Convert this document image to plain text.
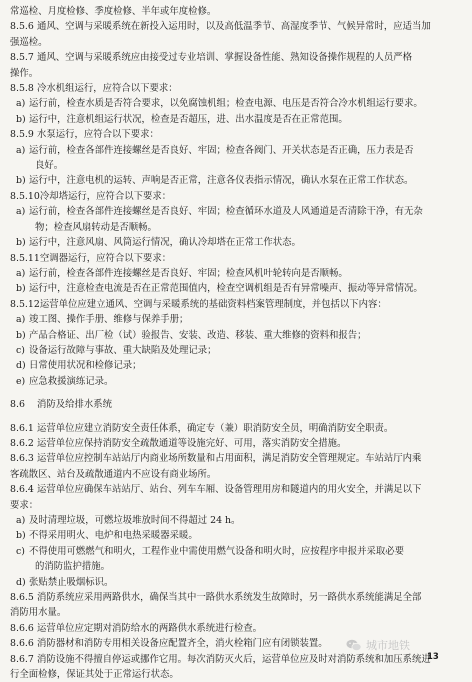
常巡检、月度检修、季度检修、半年或年度检修。
8.5.6 通风、空调与采暖系统在新投入运用时，以及高低温季节、高湿度季节、气候异常时，应适当加
强巡检。
8.5.7 通风、空调与采暖系统应由接受过专业培训、掌握设备性能、熟知设备操作规程的人员严格
操作。
8.5.8 冷水机组运行，应符合以下要求：
a) 运行前，检查水质是否符合要求，以免腐蚀机组；检查电源、电压是否符合冷水机组运行要求。
b) 运行中，注意机组运行状况，检查是否超压，进、出水温度是否在正常范围。
8.5.9 水泵运行，应符合以下要求：
a) 运行前，检查各部件连接螺丝是否良好、牢固；检查各阀门、开关状态是否正确，压力表是否
良好。
b) 运行中，注意电机的运转、声响是否正常，注意各仪表指示情况，确认水泵在正常工作状态。
8.5.10冷却塔运行，应符合以下要求：
a) 运行前，检查各部件连接螺丝是否良好、牢固；检查循环水道及人风通道是否清除干净，有无杂
物；检查风扇转动是否顺畅。
b) 运行中，注意风扇、风筒运行情况，确认冷却塔在正常工作状态。
8.5.11空调器运行，应符合以下要求：
a) 运行前，检查各部件连接螺丝是否良好、牢固；检查风机叶轮转向是否顺畅。
b) 运行中，注意检查电流是否在正常范围值内，检查空调机组是否有异常噪声、振动等异常情况。
8.5.12运营单位应建立通风、空调与采暖系统的基础资料档案管理制度，并包括以下内容：
a) 竣工图、操作手册、维修与保养手册；
b) 产品合格证、出厂检（试）验报告、安装、改造、移装、重大维修的资料和报告；
c) 设备运行故障与事故、重大缺陷及处理记录；
d) 日常使用状况和检修记录；
e) 应急救援演练记录。
8.6 消防及给排水系统
8.6.1 运营单位应建立消防安全责任体系，确定专（兼）职消防安全员，明确消防安全职责。
8.6.2 运营单位应保持消防安全疏散通道等设施完好、可用，落实消防安全措施。
8.6.3 运营单位应控制车站站厅内商业场所数量和占用面积，满足消防安全管理规定。车站站厅内乘
客疏散区、站台及疏散通道内不应设有商业场所。
8.6.4 运营单位应确保车站站厅、站台、列车车厢、设备管理用房和隧道内的用火安全，并满足以下
要求：
a) 及时清理垃圾，可燃垃圾堆放时间不得超过 24 h。
b) 不得采用明火、电炉和电热采暖器采暖。
c) 不得使用可燃燃气和明火，工程作业中需使用燃气设备和明火时，应按程序申报并采取必要
的消防监护措施。
d) 张贴禁止吸烟标识。
8.6.5 消防系统应采用两路供水，确保当其中一路供水系统发生故障时，另一路供水系统能满足全部
消防用水量。
8.6.6 运营单位应定期对消防给水的两路供水系统进行检查。
8.6.6 消防器材和消防专用相关设备应配置齐全，消火栓箱门应有闭锁装置。
8.6.7 消防设施不得擅自停运或挪作它用。每次消防灭火后，运营单位应及时对消防系统和加压系统进
行全面检修，保证其处于正常运行状态。
城市地铁
13
